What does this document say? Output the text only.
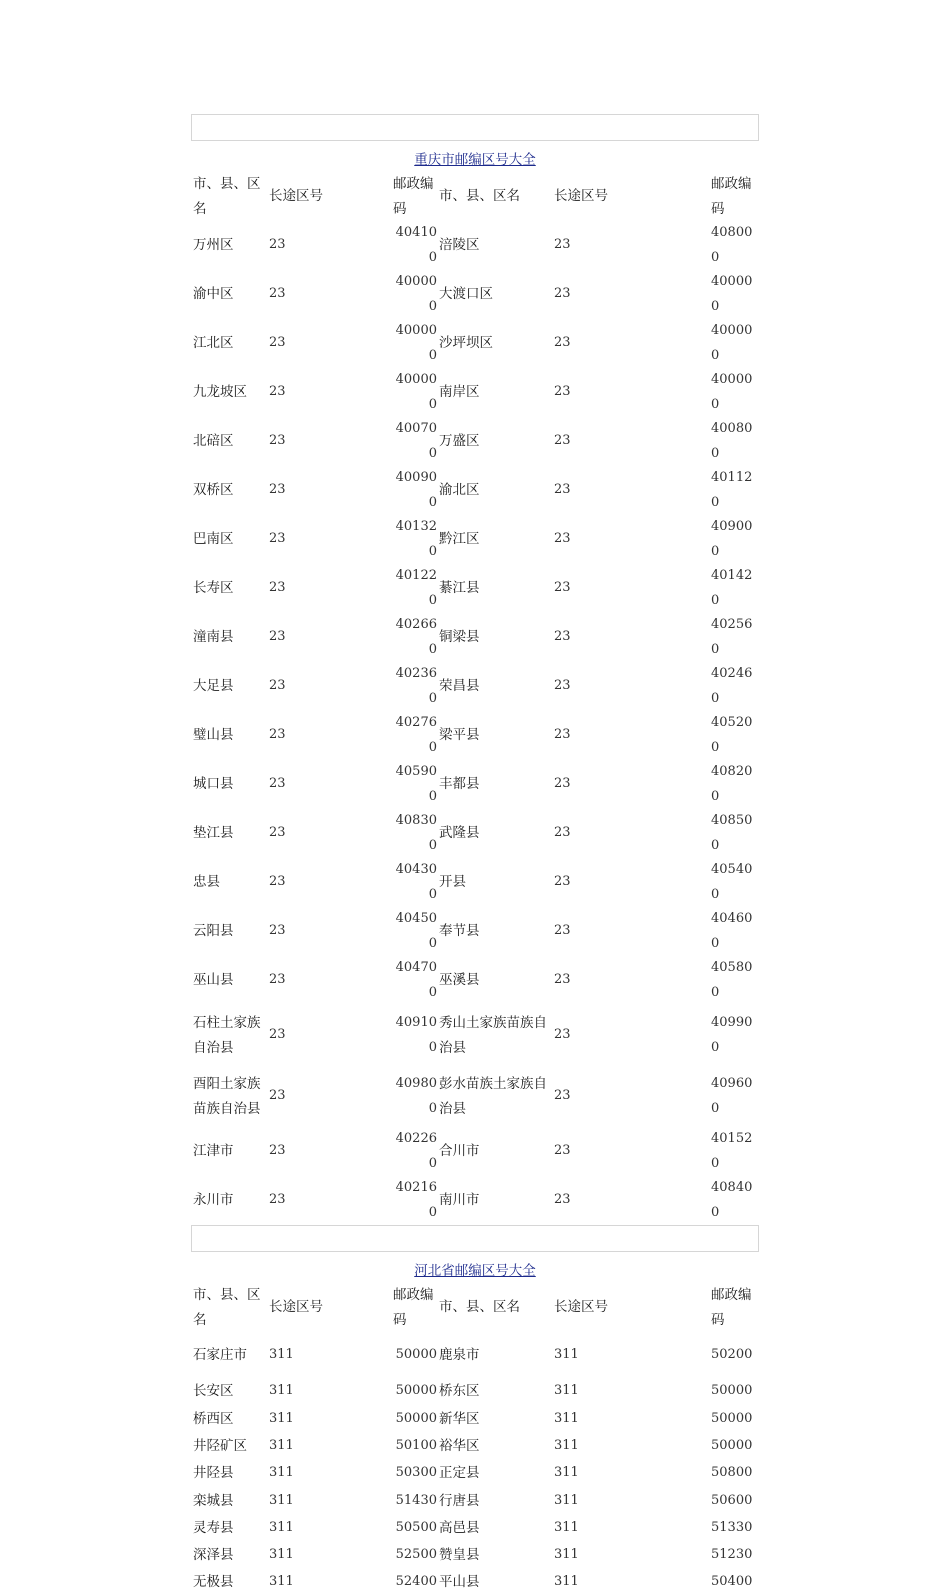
重庆市邮编区号大全
市、县、区名	长途区号	邮政编码	市、县、区名	长途区号	邮政编码
万州区	23	404100	涪陵区	23	408000
渝中区	23	400000	大渡口区	23	400000
江北区	23	400000	沙坪坝区	23	400000
九龙坡区	23	400000	南岸区	23	400000
北碚区	23	400700	万盛区	23	400800
双桥区	23	400900	渝北区	23	401120
巴南区	23	401320	黔江区	23	409000
长寿区	23	401220	綦江县	23	401420
潼南县	23	402660	铜梁县	23	402560
大足县	23	402360	荣昌县	23	402460
璧山县	23	402760	梁平县	23	405200
城口县	23	405900	丰都县	23	408200
垫江县	23	408300	武隆县	23	408500
忠县	23	404300	开县	23	405400
云阳县	23	404500	奉节县	23	404600
巫山县	23	404700	巫溪县	23	405800
石柱土家族自治县	23	409100	秀山土家族苗族自治县	23	409900
酉阳土家族苗族自治县	23	409800	彭水苗族土家族自治县	23	409600
江津市	23	402260	合川市	23	401520
永川市	23	402160	南川市	23	408400
河北省邮编区号大全
市、县、区名	长途区号	邮政编码	市、县、区名	长途区号	邮政编码
石家庄市	311	50000	鹿泉市	311	50200
长安区	311	50000	桥东区	311	50000
桥西区	311	50000	新华区	311	50000
井陉矿区	311	50100	裕华区	311	50000
井陉县	311	50300	正定县	311	50800
栾城县	311	51430	行唐县	311	50600
灵寿县	311	50500	高邑县	311	51330
深泽县	311	52500	赞皇县	311	51230
无极县	311	52400	平山县	311	50400
